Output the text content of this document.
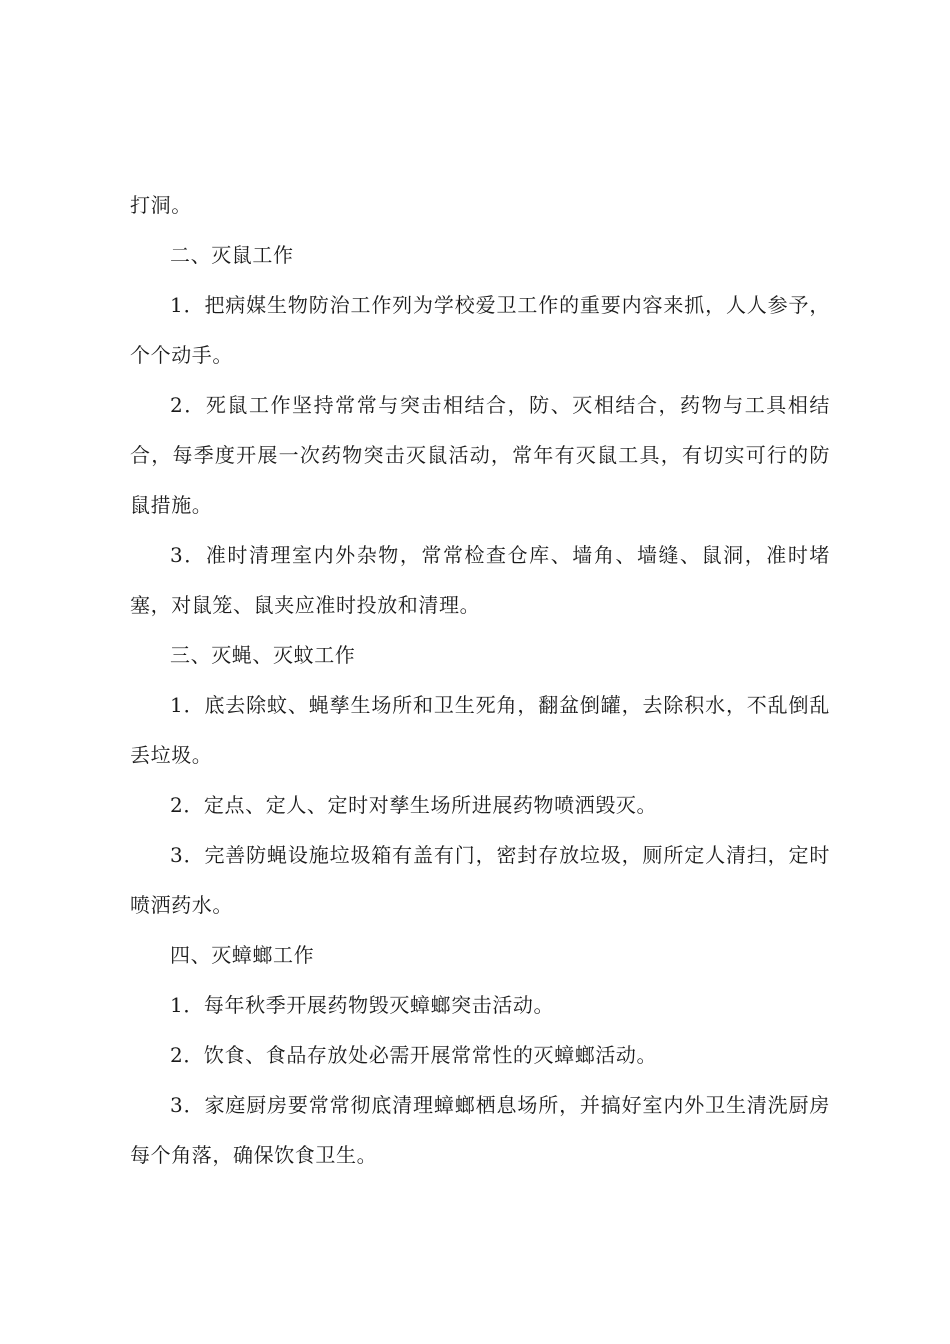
打洞。

二、灭鼠工作

1．把病媒生物防治工作列为学校爱卫工作的重要内容来抓，人人参予，个个动手。

2．死鼠工作坚持常常与突击相结合，防、灭相结合，药物与工具相结合，每季度开展一次药物突击灭鼠活动，常年有灭鼠工具，有切实可行的防鼠措施。

3．准时清理室内外杂物，常常检查仓库、墙角、墙缝、鼠洞，准时堵塞，对鼠笼、鼠夹应准时投放和清理。

三、灭蝇、灭蚊工作

1．底去除蚊、蝇孳生场所和卫生死角，翻盆倒罐，去除积水，不乱倒乱丢垃圾。

2．定点、定人、定时对孳生场所进展药物喷洒毁灭。

3．完善防蝇设施垃圾箱有盖有门，密封存放垃圾，厕所定人清扫，定时喷洒药水。

四、灭蟑螂工作

1．每年秋季开展药物毁灭蟑螂突击活动。

2．饮食、食品存放处必需开展常常性的灭蟑螂活动。

3．家庭厨房要常常彻底清理蟑螂栖息场所，并搞好室内外卫生清洗厨房每个角落，确保饮食卫生。
